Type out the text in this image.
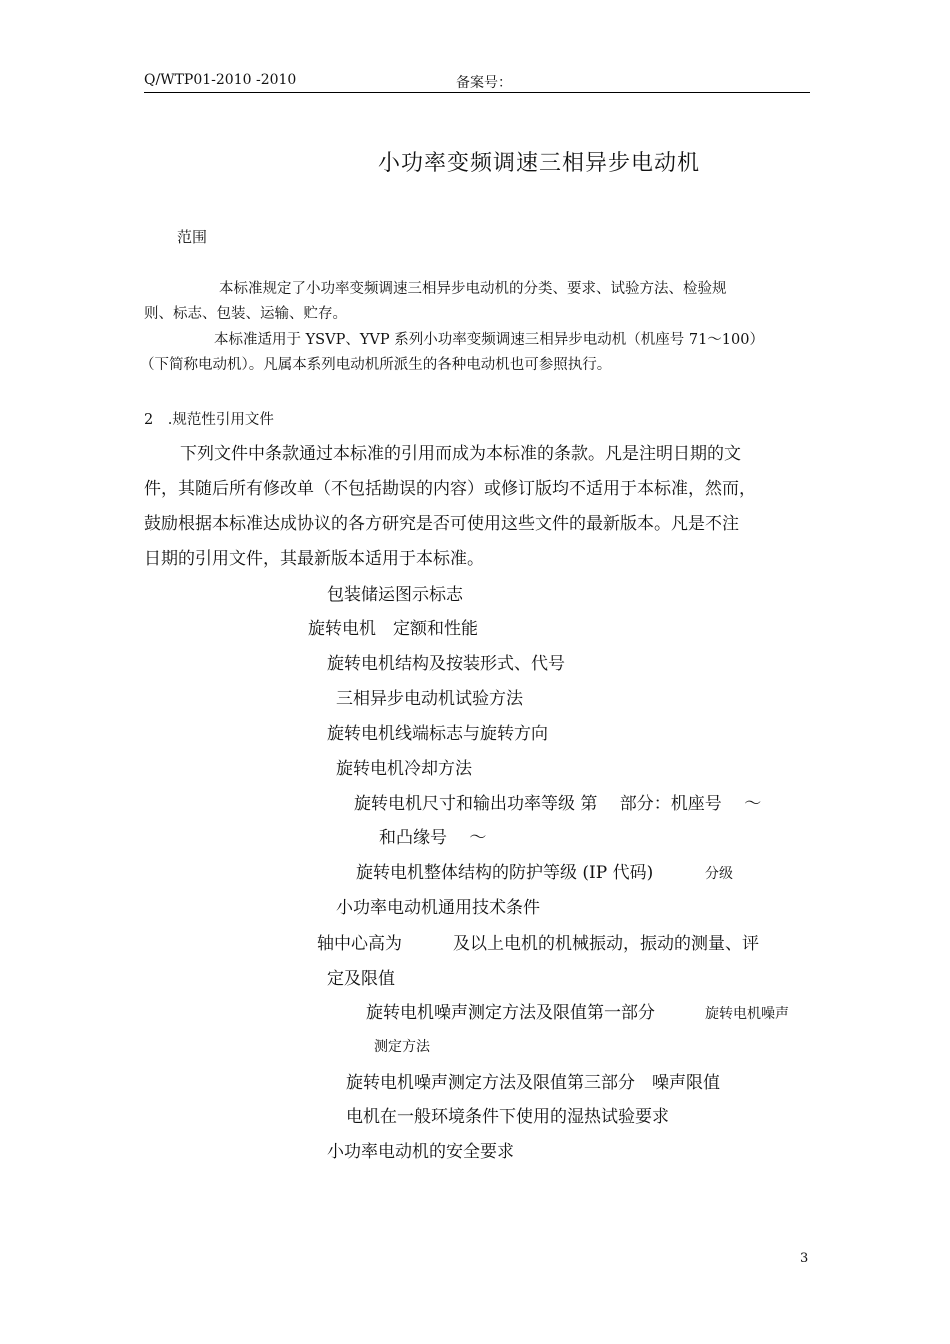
Q/WTP01-2010 -2010	备案号：
小功率变频调速三相异步电动机
范围
本标准规定了小功率变频调速三相异步电动机的分类、要求、试验方法、检验规
则、标志、包装、运输、贮存。
本标准适用于 YSVP、YVP 系列小功率变频调速三相异步电动机（机座号 71～100）
（下简称电动机）。凡属本系列电动机所派生的各种电动机也可参照执行。
2　.规范性引用文件
下列文件中条款通过本标准的引用而成为本标准的条款。凡是注明日期的文
件，其随后所有修改单（不包括勘误的内容）或修订版均不适用于本标准，然而，
鼓励根据本标准达成协议的各方研究是否可使用这些文件的最新版本。凡是不注
日期的引用文件，其最新版本适用于本标准。
包装储运图示标志
旋转电机　定额和性能
旋转电机结构及按装形式、代号
三相异步电动机试验方法
旋转电机线端标志与旋转方向
旋转电机冷却方法
旋转电机尺寸和输出功率等级 第　 部分：机座号　 ～
和凸缘号　 ～
旋转电机整体结构的防护等级 (IP 代码)	分级
小功率电动机通用技术条件
轴中心高为　　　及以上电机的机械振动，振动的测量、评
定及限值
旋转电机噪声测定方法及限值第一部分	旋转电机噪声
测定方法
旋转电机噪声测定方法及限值第三部分　噪声限值
电机在一般环境条件下使用的湿热试验要求
小功率电动机的安全要求
3
